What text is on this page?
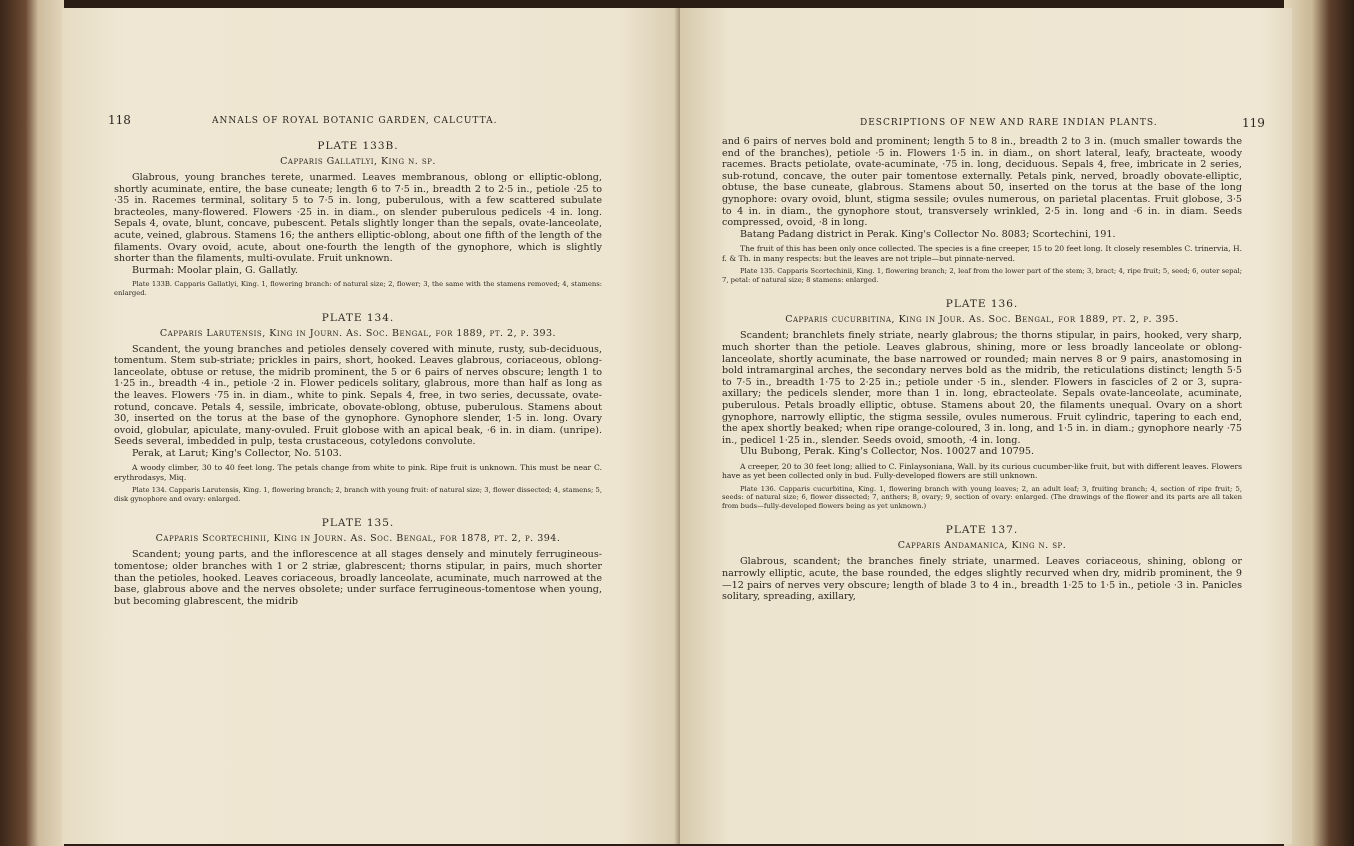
118	ANNALS OF ROYAL BOTANIC GARDEN, CALCUTTA.
PLATE 133B.
Capparis Gallatlyi, King n. sp.

Glabrous, young branches terete, unarmed. Leaves membranous, oblong or elliptic-oblong, shortly acuminate, entire, the base cuneate; length 6 to 7·5 in., breadth 2 to 2·5 in., petiole ·25 to ·35 in. Racemes terminal, solitary 5 to 7·5 in. long, puberulous, with a few scattered subulate bracteoles, many-flowered. Flowers ·25 in. in diam., on slender puberulous pedicels ·4 in. long. Sepals 4, ovate, blunt, concave, pubescent. Petals slightly longer than the sepals, ovate-lanceolate, acute, veined, glabrous. Stamens 16; the anthers elliptic-oblong, about one fifth of the length of the filaments. Ovary ovoid, acute, about one-fourth the length of the gynophore, which is slightly shorter than the filaments, multi-ovulate. Fruit unknown.

Burmah: Moolar plain, G. Gallatly.

Plate 133B. Capparis Gallatlyi, King. 1, flowering branch: of natural size; 2, flower; 3, the same with the stamens removed; 4, stamens: enlarged.

PLATE 134.
Capparis Larutensis, King in Journ. As. Soc. Bengal, for 1889, pt. 2, p. 393.

Scandent, the young branches and petioles densely covered with minute, rusty, sub-deciduous, tomentum. Stem sub-striate; prickles in pairs, short, hooked. Leaves glabrous, coriaceous, oblong-lanceolate, obtuse or retuse, the midrib prominent, the 5 or 6 pairs of nerves obscure; length 1 to 1·25 in., breadth ·4 in., petiole ·2 in. Flower pedicels solitary, glabrous, more than half as long as the leaves. Flowers ·75 in. in diam., white to pink. Sepals 4, free, in two series, decussate, ovate-rotund, concave. Petals 4, sessile, imbricate, obovate-oblong, obtuse, puberulous. Stamens about 30, inserted on the torus at the base of the gynophore. Gynophore slender, 1·5 in. long. Ovary ovoid, globular, apiculate, many-ovuled. Fruit globose with an apical beak, ·6 in. in diam. (unripe). Seeds several, imbedded in pulp, testa crustaceous, cotyledons convolute.

Perak, at Larut; King's Collector, No. 5103.

A woody climber, 30 to 40 feet long. The petals change from white to pink. Ripe fruit is unknown. This must be near C. erythrodasys, Miq.

Plate 134. Capparis Larutensis, King. 1, flowering branch; 2, branch with young fruit: of natural size; 3, flower dissected; 4, stamens; 5, disk gynophore and ovary: enlarged.

PLATE 135.
Capparis Scortechinii, King in Journ. As. Soc. Bengal, for 1878, pt. 2, p. 394.

Scandent; young parts, and the inflorescence at all stages densely and minutely ferrugineous-tomentose; older branches with 1 or 2 striæ, glabrescent; thorns stipular, in pairs, much shorter than the petioles, hooked. Leaves coriaceous, broadly lanceolate, acuminate, much narrowed at the base, glabrous above and the nerves obsolete; under surface ferrugineous-tomentose when young, but becoming glabrescent, the midrib

DESCRIPTIONS OF NEW AND RARE INDIAN PLANTS.	119

and 6 pairs of nerves bold and prominent; length 5 to 8 in., breadth 2 to 3 in. (much smaller towards the end of the branches), petiole ·5 in. Flowers 1·5 in. in diam., on short lateral, leafy, bracteate, woody racemes. Bracts petiolate, ovate-acuminate, ·75 in. long, deciduous. Sepals 4, free, imbricate in 2 series, sub-rotund, concave, the outer pair tomentose externally. Petals pink, nerved, broadly obovate-elliptic, obtuse, the base cuneate, glabrous. Stamens about 50, inserted on the torus at the base of the long gynophore: ovary ovoid, blunt, stigma sessile; ovules numerous, on parietal placentas. Fruit globose, 3·5 to 4 in. in diam., the gynophore stout, transversely wrinkled, 2·5 in. long and ·6 in. in diam. Seeds compressed, ovoid, ·8 in long.

Batang Padang district in Perak. King's Collector No. 8083; Scortechini, 191.

The fruit of this has been only once collected. The species is a fine creeper, 15 to 20 feet long. It closely resembles C. trinervia, H. f. & Th. in many respects: but the leaves are not triple—but pinnate-nerved.

Plate 135. Capparis Scortechinii, King. 1, flowering branch; 2, leaf from the lower part of the stem; 3, bract; 4, ripe fruit; 5, seed; 6, outer sepal; 7, petal: of natural size; 8 stamens: enlarged.

PLATE 136.
Capparis cucurbitina, King in Jour. As. Soc. Bengal, for 1889, pt. 2, p. 395.

Scandent; branchlets finely striate, nearly glabrous; the thorns stipular, in pairs, hooked, very sharp, much shorter than the petiole. Leaves glabrous, shining, more or less broadly lanceolate or oblong-lanceolate, shortly acuminate, the base narrowed or rounded; main nerves 8 or 9 pairs, anastomosing in bold intramarginal arches, the secondary nerves bold as the midrib, the reticulations distinct; length 5·5 to 7·5 in., breadth 1·75 to 2·25 in.; petiole under ·5 in., slender. Flowers in fascicles of 2 or 3, supra-axillary; the pedicels slender, more than 1 in. long, ebracteolate. Sepals ovate-lanceolate, acuminate, puberulous. Petals broadly elliptic, obtuse. Stamens about 20, the filaments unequal. Ovary on a short gynophore, narrowly elliptic, the stigma sessile, ovules numerous. Fruit cylindric, tapering to each end, the apex shortly beaked; when ripe orange-coloured, 3 in. long, and 1·5 in. in diam.; gynophore nearly ·75 in., pedicel 1·25 in., slender. Seeds ovoid, smooth, ·4 in. long.

Ulu Bubong, Perak. King's Collector, Nos. 10027 and 10795.

A creeper, 20 to 30 feet long; allied to C. Finlaysoniana, Wall. by its curious cucumber-like fruit, but with different leaves. Flowers have as yet been collected only in bud. Fully-developed flowers are still unknown.

Plate 136. Capparis cucurbitina, King. 1, flowering branch with young leaves; 2, an adult leaf; 3, fruiting branch; 4, section of ripe fruit; 5, seeds: of natural size; 6, flower dissected; 7, anthers; 8, ovary; 9, section of ovary: enlarged. (The drawings of the flower and its parts are all taken from buds—fully-developed flowers being as yet unknown.)

PLATE 137.
Capparis Andamanica, King n. sp.

Glabrous, scandent; the branches finely striate, unarmed. Leaves coriaceous, shining, oblong or narrowly elliptic, acute, the base rounded, the edges slightly recurved when dry, midrib prominent, the 9—12 pairs of nerves very obscure; length of blade 3 to 4 in., breadth 1·25 to 1·5 in., petiole ·3 in. Panicles solitary, spreading, axillary,
